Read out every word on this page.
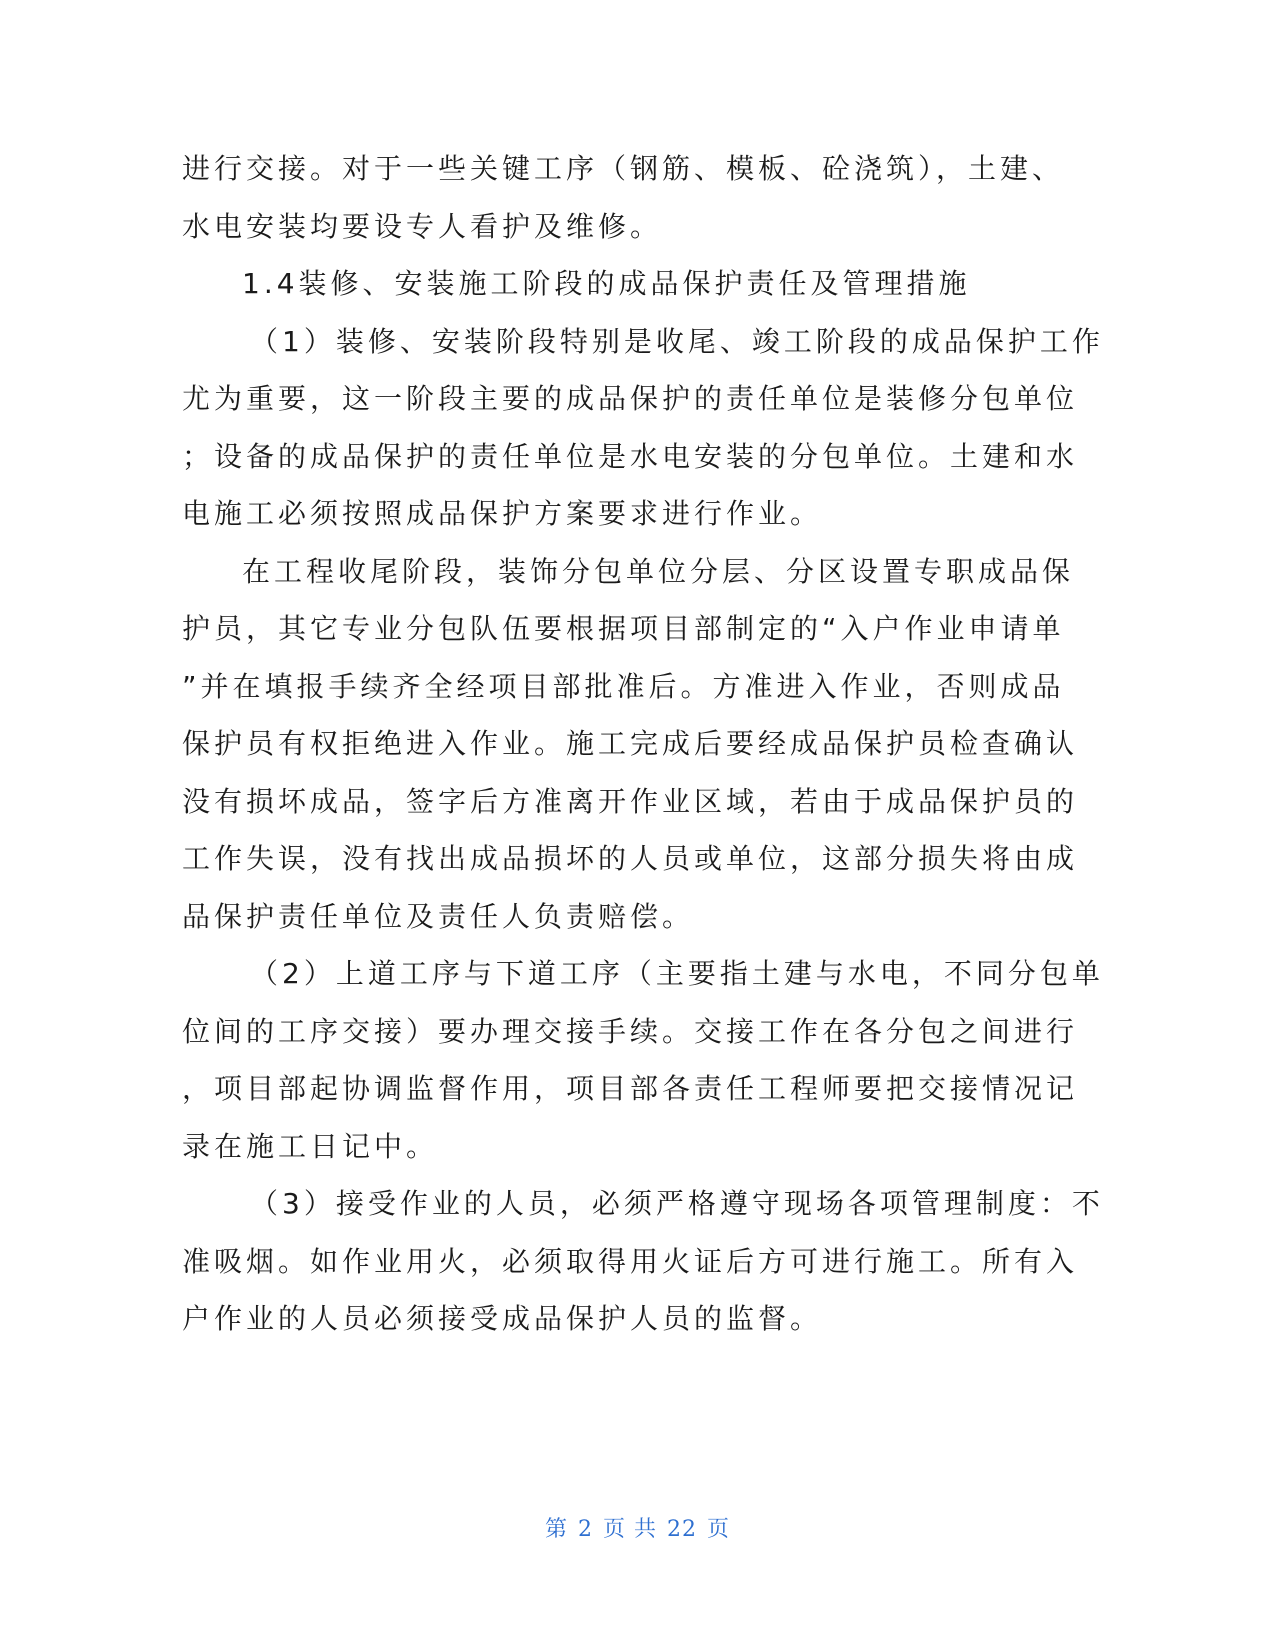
进行交接。对于一些关键工序（钢筋、模板、砼浇筑），土建、
水电安装均要设专人看护及维修。
1.4装修、安装施工阶段的成品保护责任及管理措施
（1）装修、安装阶段特别是收尾、竣工阶段的成品保护工作
尤为重要，这一阶段主要的成品保护的责任单位是装修分包单位
；设备的成品保护的责任单位是水电安装的分包单位。土建和水
电施工必须按照成品保护方案要求进行作业。
在工程收尾阶段，装饰分包单位分层、分区设置专职成品保
护员，其它专业分包队伍要根据项目部制定的“入户作业申请单
”并在填报手续齐全经项目部批准后。方准进入作业，否则成品
保护员有权拒绝进入作业。施工完成后要经成品保护员检查确认
没有损坏成品，签字后方准离开作业区域，若由于成品保护员的
工作失误，没有找出成品损坏的人员或单位，这部分损失将由成
品保护责任单位及责任人负责赔偿。
（2）上道工序与下道工序（主要指土建与水电，不同分包单
位间的工序交接）要办理交接手续。交接工作在各分包之间进行
，项目部起协调监督作用，项目部各责任工程师要把交接情况记
录在施工日记中。
（3）接受作业的人员，必须严格遵守现场各项管理制度：不
准吸烟。如作业用火，必须取得用火证后方可进行施工。所有入
户作业的人员必须接受成品保护人员的监督。
第 2 页 共 22 页
